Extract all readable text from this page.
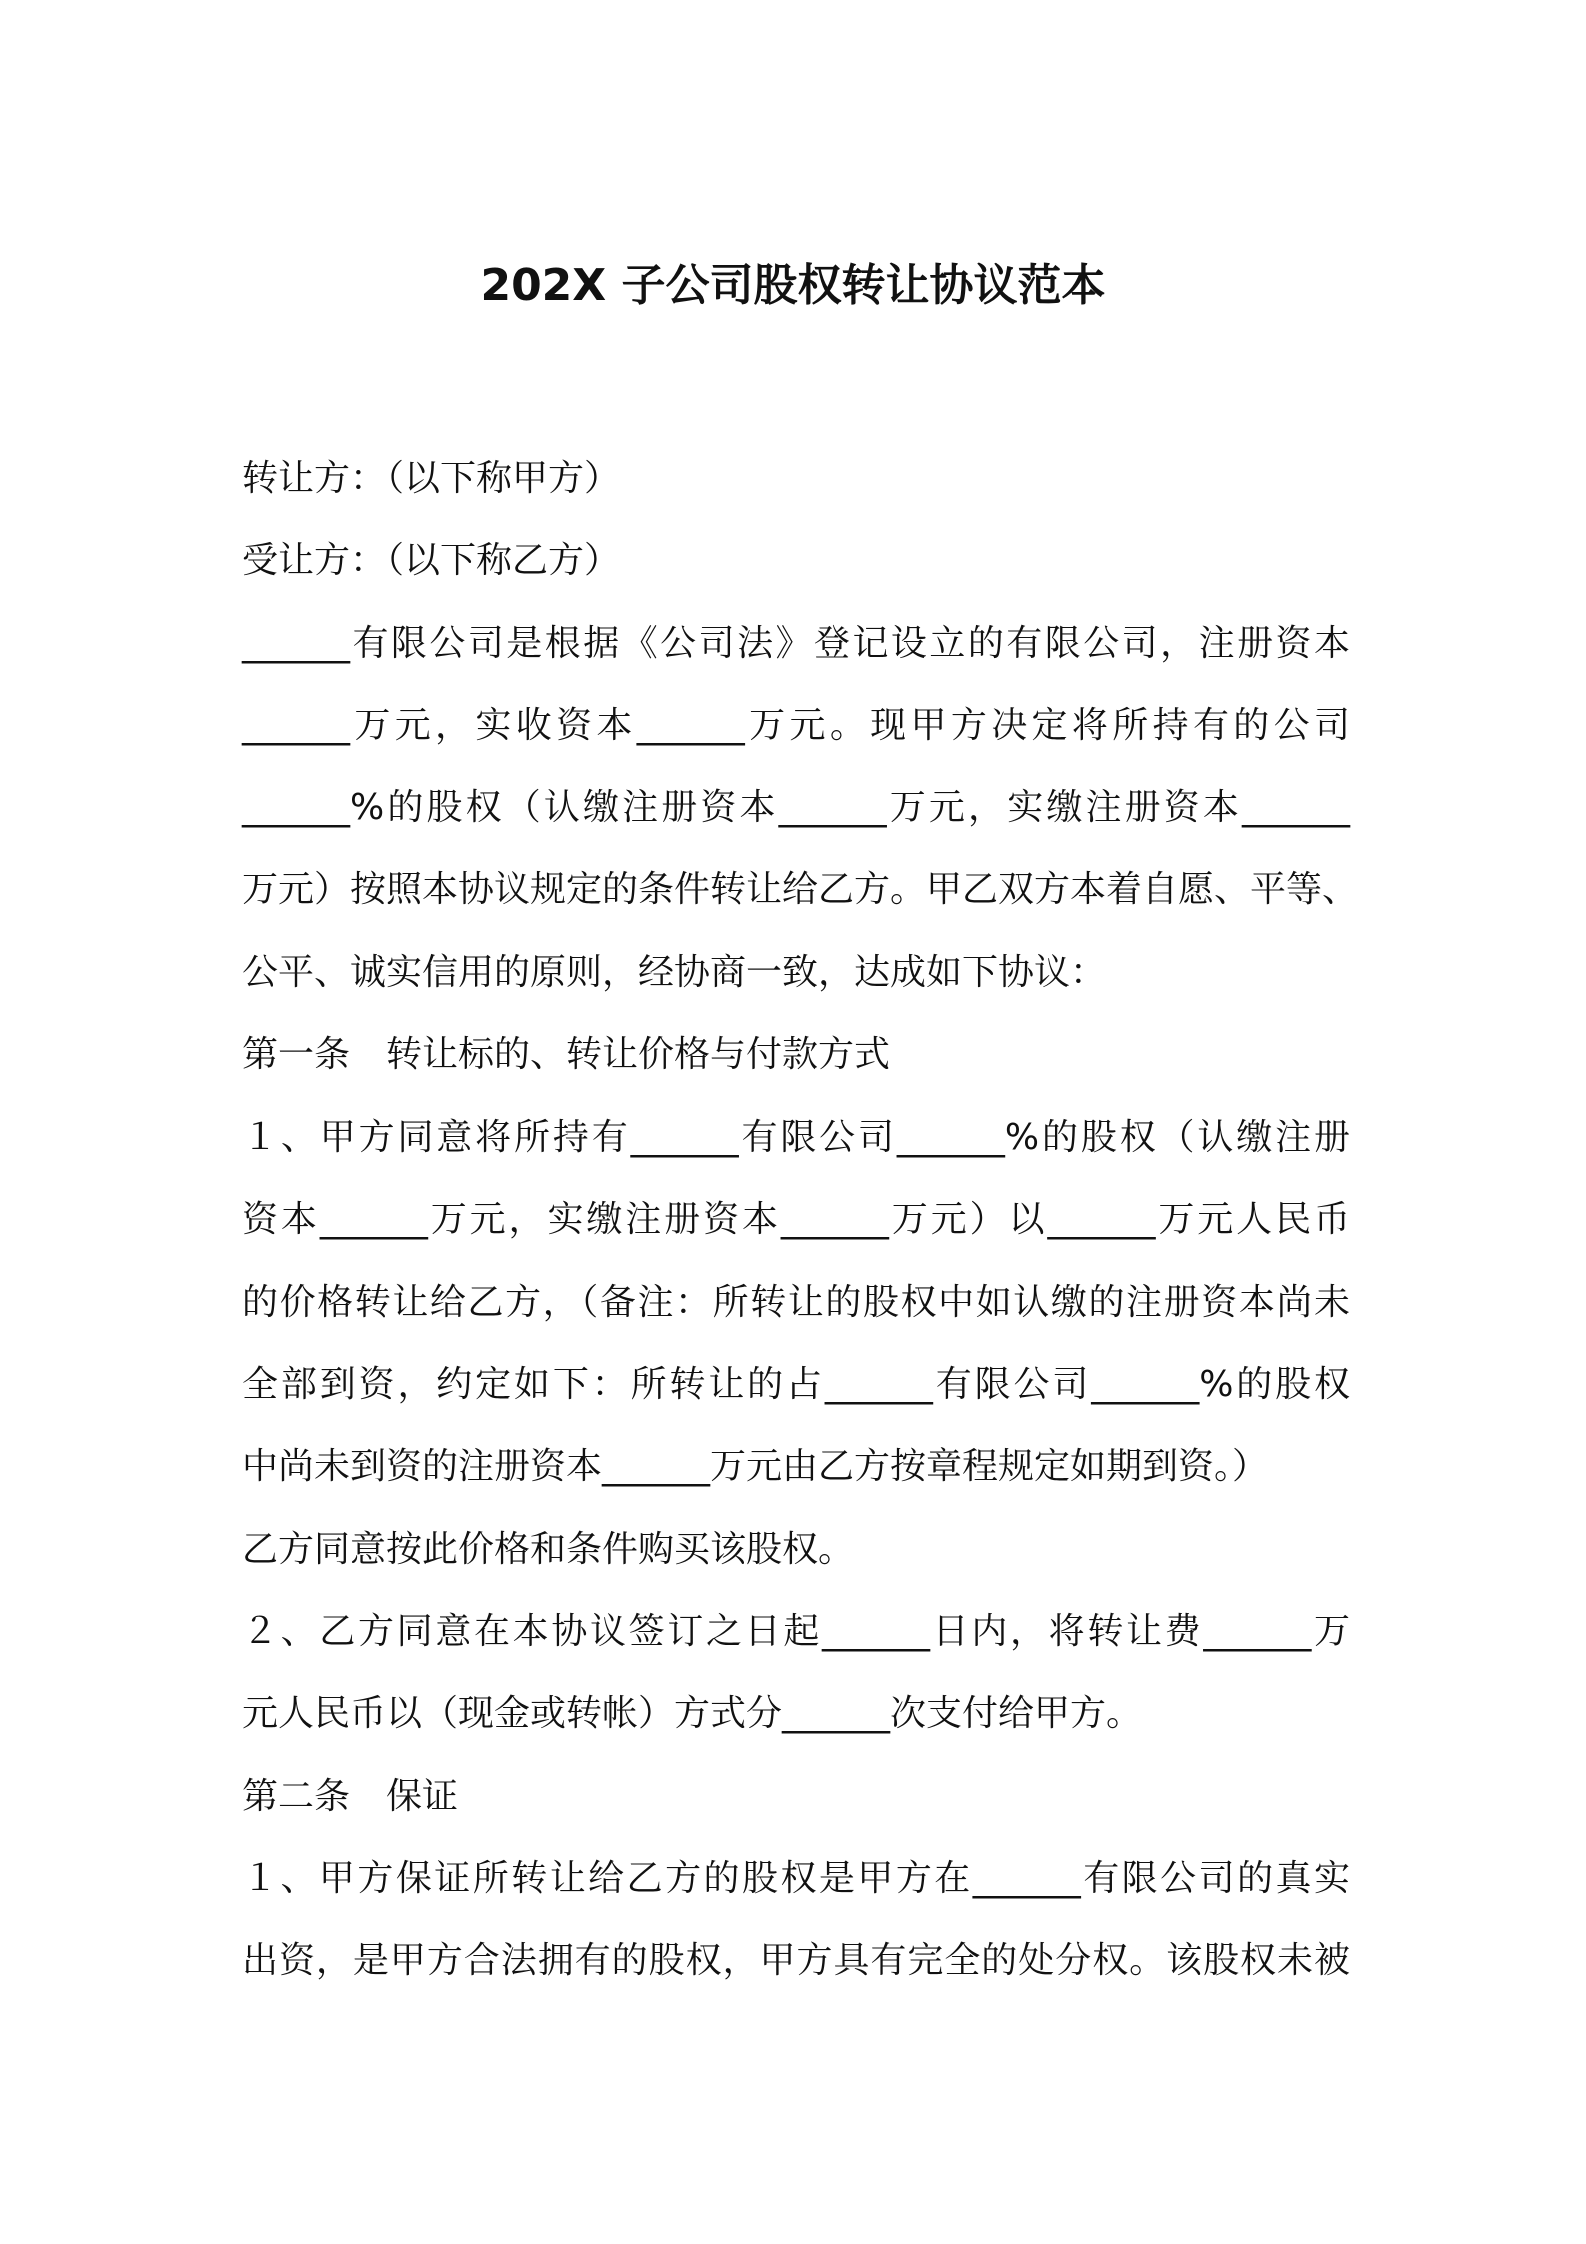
202X 子公司股权转让协议范本

转让方：（以下称甲方）

受让方：（以下称乙方）

______有限公司是根据《公司法》登记设立的有限公司，注册资本

______万元，实收资本______万元。现甲方决定将所持有的公司

______%的股权（认缴注册资本______万元，实缴注册资本______

万元）按照本协议规定的条件转让给乙方。甲乙双方本着自愿、平等、

公平、诚实信用的原则，经协商一致，达成如下协议：

第一条　转让标的、转让价格与付款方式

１、甲方同意将所持有______有限公司______%的股权（认缴注册

资本______万元，实缴注册资本______万元）以______万元人民币

的价格转让给乙方，（备注：所转让的股权中如认缴的注册资本尚未

全部到资，约定如下：所转让的占______有限公司______%的股权

中尚未到资的注册资本______万元由乙方按章程规定如期到资。）

乙方同意按此价格和条件购买该股权。

２、乙方同意在本协议签订之日起______日内，将转让费______万

元人民币以（现金或转帐）方式分______次支付给甲方。

第二条　保证

１、甲方保证所转让给乙方的股权是甲方在______有限公司的真实

出资，是甲方合法拥有的股权，甲方具有完全的处分权。该股权未被
